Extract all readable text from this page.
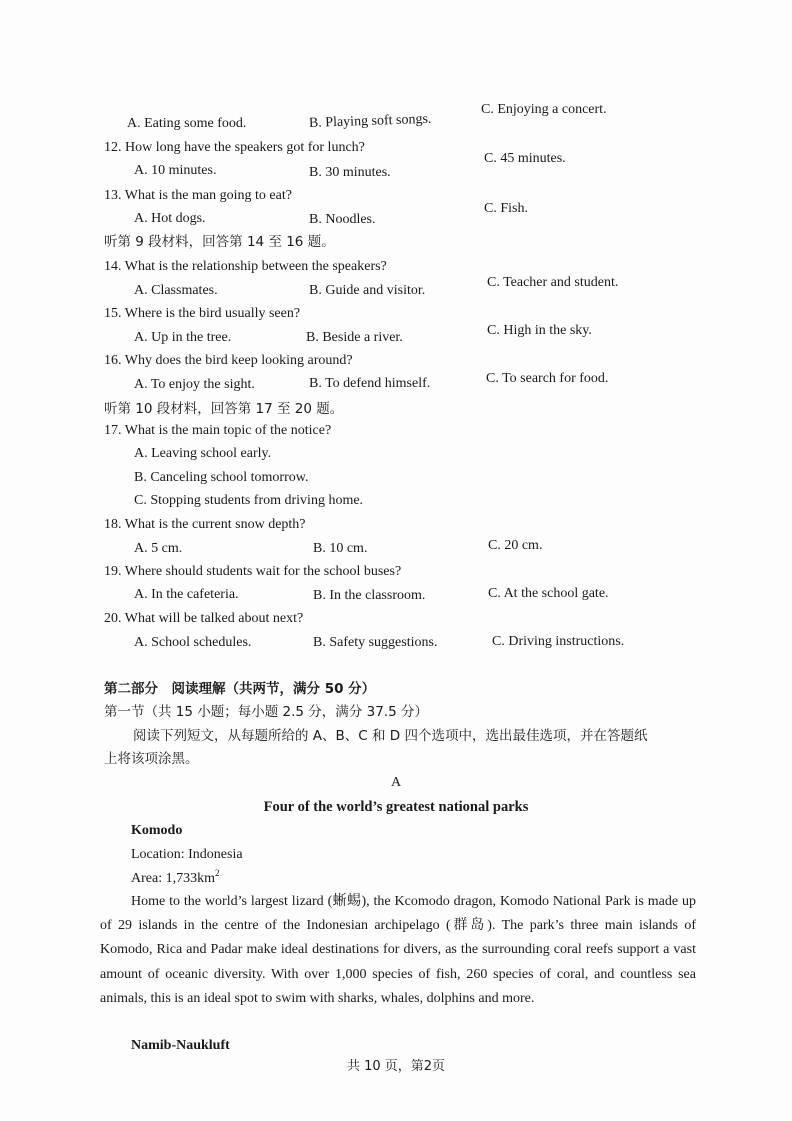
A. Eating some food.	B. Playing soft songs.
C. Enjoying a concert.
12. How long have the speakers got for lunch?
A. 10 minutes.	B. 30 minutes.
C. 45 minutes.
13. What is the man going to eat?
A. Hot dogs.	B. Noodles.
C. Fish.
听第 9 段材料，回答第 14 至 16 题。
14. What is the relationship between the speakers?
A. Classmates.	B. Guide and visitor.
C. Teacher and student.
15. Where is the bird usually seen?
A. Up in the tree.	B. Beside a river.	C. High in the sky.
16. Why does the bird keep looking around?
A. To enjoy the sight.	B. To defend himself.	C. To search for food.
听第 10 段材料，回答第 17 至 20 题。
17. What is the main topic of the notice?
A. Leaving school early.
B. Canceling school tomorrow.
C. Stopping students from driving home.
18. What is the current snow depth?
A. 5 cm.	B. 10 cm.	C. 20 cm.
19. Where should students wait for the school buses?
A. In the cafeteria.	B. In the classroom.	C. At the school gate.
20. What will be talked about next?
A. School schedules.	B. Safety suggestions.	C. Driving instructions.
第二部分　阅读理解（共两节，满分 50 分）
第一节（共 15 小题；每小题 2.5 分，满分 37.5 分）
阅读下列短文，从每题所给的 A、B、C 和 D 四个选项中，选出最佳选项，并在答题纸
上将该项涂黑。
A
Four of the world’s greatest national parks
Komodo
Location: Indonesia
Area: $1,733km^2$
Home to the world’s largest lizard (蜥蜴), the Kcomodo dragon, Komodo National Park is made up of 29 islands in the centre of the Indonesian archipelago (群岛). The park’s three main islands of Komodo, Rica and Padar make ideal destinations for divers, as the surrounding coral reefs support a vast amount of oceanic diversity. With over 1,000 species of fish, 260 species of coral, and countless sea animals, this is an ideal spot to swim with sharks, whales, dolphins and more.
Namib-Naukluft
共 10 页，第2页
